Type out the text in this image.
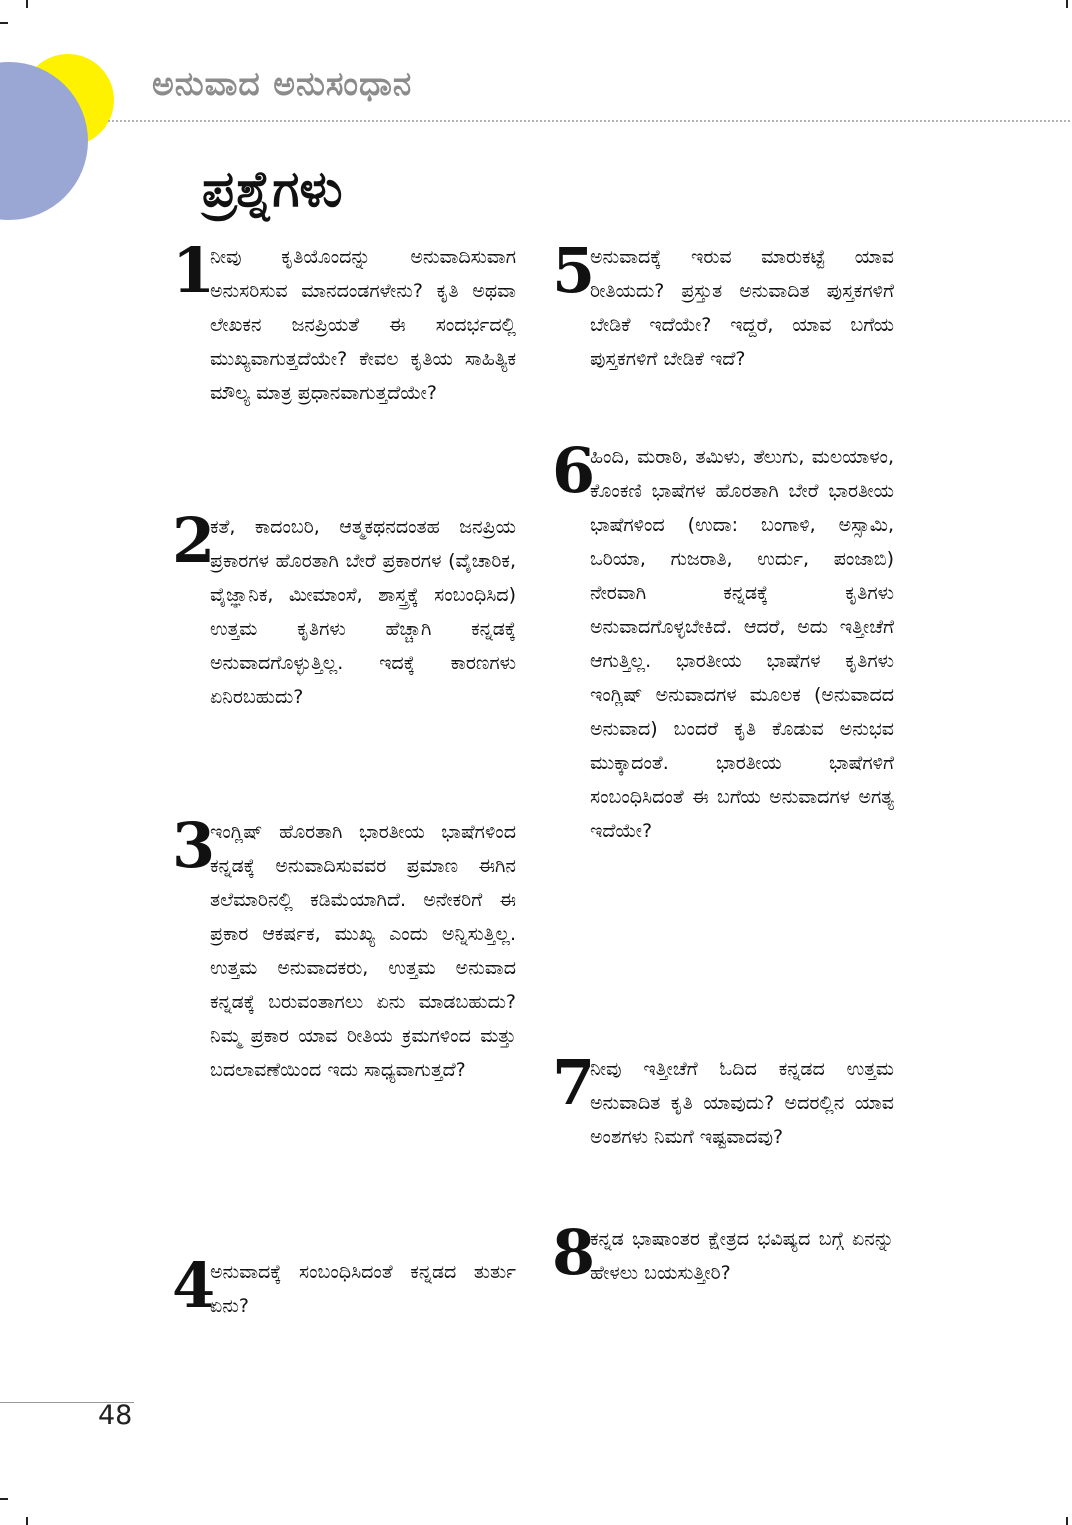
ಅನುವಾದ ಅನುಸಂಧಾನ
ಪ್ರಶ್ನೆಗಳು
1
ನೀವು ಕೃತಿಯೊಂದನ್ನು ಅನುವಾದಿಸುವಾಗ ಅನುಸರಿಸುವ ಮಾನದಂಡಗಳೇನು? ಕೃತಿ ಅಥವಾ ಲೇಖಕನ ಜನಪ್ರಿಯತೆ ಈ ಸಂದರ್ಭದಲ್ಲಿ ಮುಖ್ಯವಾಗುತ್ತದೆಯೇ? ಕೇವಲ ಕೃತಿಯ ಸಾಹಿತ್ಯಿಕ ಮೌಲ್ಯ ಮಾತ್ರ ಪ್ರಧಾನವಾಗುತ್ತದೆಯೇ?
2
ಕತೆ, ಕಾದಂಬರಿ, ಆತ್ಮಕಥನದಂತಹ ಜನಪ್ರಿಯ ಪ್ರಕಾರಗಳ ಹೊರತಾಗಿ ಬೇರೆ ಪ್ರಕಾರಗಳ (ವೈಚಾರಿಕ, ವೈಜ್ಞಾನಿಕ, ಮೀಮಾಂಸೆ, ಶಾಸ್ತ್ರಕ್ಕೆ ಸಂಬಂಧಿಸಿದ) ಉತ್ತಮ ಕೃತಿಗಳು ಹೆಚ್ಚಾಗಿ ಕನ್ನಡಕ್ಕೆ ಅನುವಾದಗೊಳ್ಳುತ್ತಿಲ್ಲ. ಇದಕ್ಕೆ ಕಾರಣಗಳು ಏನಿರಬಹುದು?
3
ಇಂಗ್ಲಿಷ್ ಹೊರತಾಗಿ ಭಾರತೀಯ ಭಾಷೆಗಳಿಂದ ಕನ್ನಡಕ್ಕೆ ಅನುವಾದಿಸುವವರ ಪ್ರಮಾಣ ಈಗಿನ ತಲೆಮಾರಿನಲ್ಲಿ ಕಡಿಮೆಯಾಗಿದೆ. ಅನೇಕರಿಗೆ ಈ ಪ್ರಕಾರ ಆಕರ್ಷಕ, ಮುಖ್ಯ ಎಂದು ಅನ್ನಿಸುತ್ತಿಲ್ಲ. ಉತ್ತಮ ಅನುವಾದಕರು, ಉತ್ತಮ ಅನುವಾದ ಕನ್ನಡಕ್ಕೆ ಬರುವಂತಾಗಲು ಏನು ಮಾಡಬಹುದು? ನಿಮ್ಮ ಪ್ರಕಾರ ಯಾವ ರೀತಿಯ ಕ್ರಮಗಳಿಂದ ಮತ್ತು ಬದಲಾವಣೆಯಿಂದ ಇದು ಸಾಧ್ಯವಾಗುತ್ತದೆ?
4
ಅನುವಾದಕ್ಕೆ ಸಂಬಂಧಿಸಿದಂತೆ ಕನ್ನಡದ ತುರ್ತು ಏನು?
5
ಅನುವಾದಕ್ಕೆ ಇರುವ ಮಾರುಕಟ್ಟೆ ಯಾವ ರೀತಿಯದು? ಪ್ರಸ್ತುತ ಅನುವಾದಿತ ಪುಸ್ತಕಗಳಿಗೆ ಬೇಡಿಕೆ ಇದೆಯೇ? ಇದ್ದರೆ, ಯಾವ ಬಗೆಯ ಪುಸ್ತಕಗಳಿಗೆ ಬೇಡಿಕೆ ಇದೆ?
6
ಹಿಂದಿ, ಮರಾಠಿ, ತಮಿಳು, ತೆಲುಗು, ಮಲಯಾಳಂ, ಕೊಂಕಣಿ ಭಾಷೆಗಳ ಹೊರತಾಗಿ ಬೇರೆ ಭಾರತೀಯ ಭಾಷೆಗಳಿಂದ (ಉದಾ: ಬಂಗಾಳಿ, ಅಸ್ಸಾಮಿ, ಒರಿಯಾ, ಗುಜರಾತಿ, ಉರ್ದು, ಪಂಜಾಬಿ) ನೇರವಾಗಿ ಕನ್ನಡಕ್ಕೆ ಕೃತಿಗಳು ಅನುವಾದಗೊಳ್ಳಬೇಕಿದೆ. ಆದರೆ, ಅದು ಇತ್ತೀಚೆಗೆ ಆಗುತ್ತಿಲ್ಲ. ಭಾರತೀಯ ಭಾಷೆಗಳ ಕೃತಿಗಳು ಇಂಗ್ಲಿಷ್ ಅನುವಾದಗಳ ಮೂಲಕ (ಅನುವಾದದ ಅನುವಾದ) ಬಂದರೆ ಕೃತಿ ಕೊಡುವ ಅನುಭವ ಮುಕ್ಕಾದಂತೆ. ಭಾರತೀಯ ಭಾಷೆಗಳಿಗೆ ಸಂಬಂಧಿಸಿದಂತೆ ಈ ಬಗೆಯ ಅನುವಾದಗಳ ಅಗತ್ಯ ಇದೆಯೇ?
7
ನೀವು ಇತ್ತೀಚೆಗೆ ಓದಿದ ಕನ್ನಡದ ಉತ್ತಮ ಅನುವಾದಿತ ಕೃತಿ ಯಾವುದು? ಅದರಲ್ಲಿನ ಯಾವ ಅಂಶಗಳು ನಿಮಗೆ ಇಷ್ಟವಾದವು?
8
ಕನ್ನಡ ಭಾಷಾಂತರ ಕ್ಷೇತ್ರದ ಭವಿಷ್ಯದ ಬಗ್ಗೆ ಏನನ್ನು ಹೇಳಲು ಬಯಸುತ್ತೀರಿ?
48
